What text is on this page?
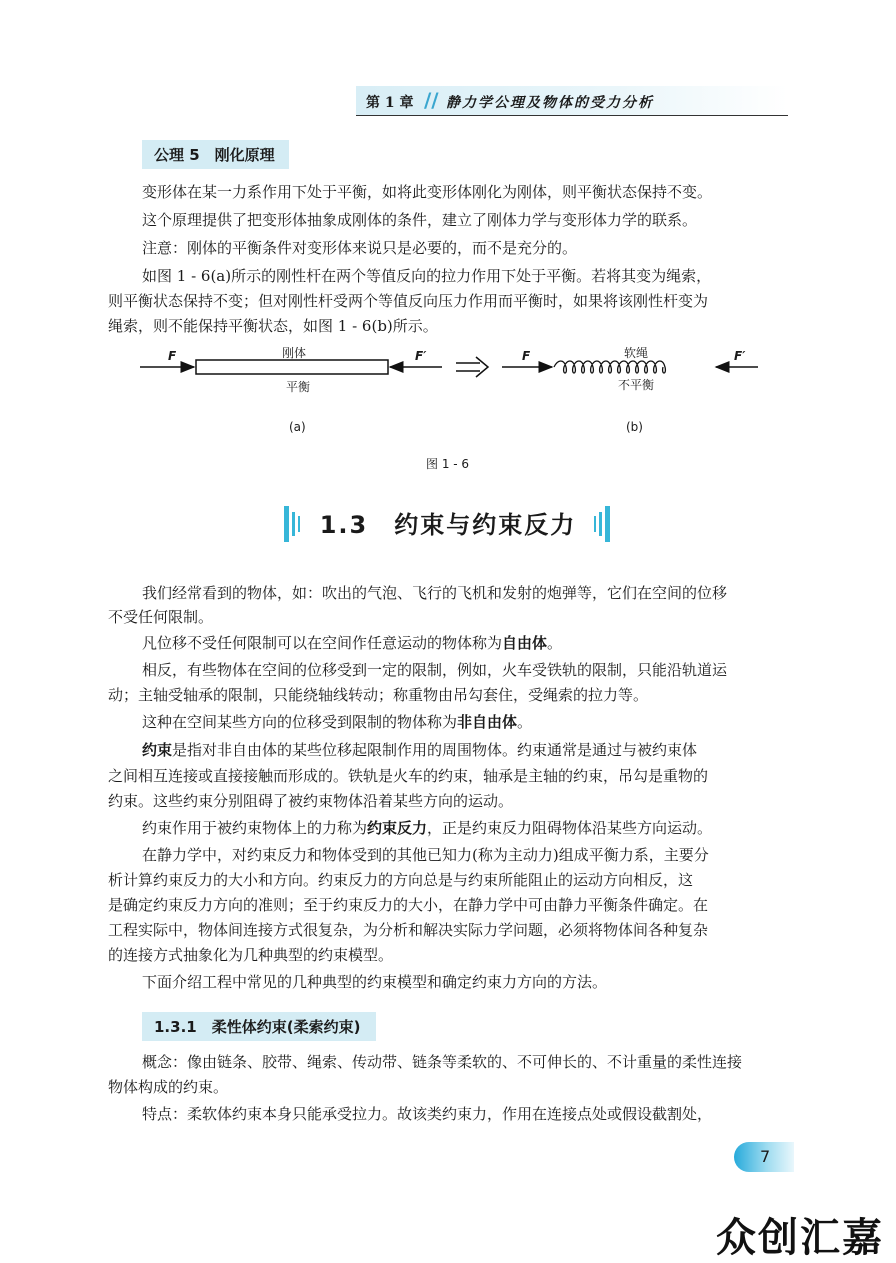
第 1 章 // 静力学公理及物体的受力分析
公理 5　刚化原理
变形体在某一力系作用下处于平衡，如将此变形体刚化为刚体，则平衡状态保持不变。
这个原理提供了把变形体抽象成刚体的条件，建立了刚体力学与变形体力学的联系。
注意：刚体的平衡条件对变形体来说只是必要的，而不是充分的。
如图 1 - 6(a)所示的刚性杆在两个等值反向的拉力作用下处于平衡。若将其变为绳索，
则平衡状态保持不变；但对刚性杆受两个等值反向压力作用而平衡时，如果将该刚性杆变为
绳索，则不能保持平衡状态，如图 1 - 6(b)所示。
F	刚体	F′
平衡
F	软绳	F′
不平衡
(a)	(b)
图 1 - 6
1.3　约束与约束反力
我们经常看到的物体，如：吹出的气泡、飞行的飞机和发射的炮弹等，它们在空间的位移
不受任何限制。
凡位移不受任何限制可以在空间作任意运动的物体称为自由体。
相反，有些物体在空间的位移受到一定的限制，例如，火车受铁轨的限制，只能沿轨道运
动；主轴受轴承的限制，只能绕轴线转动；称重物由吊勾套住，受绳索的拉力等。
这种在空间某些方向的位移受到限制的物体称为非自由体。
约束是指对非自由体的某些位移起限制作用的周围物体。约束通常是通过与被约束体
之间相互连接或直接接触而形成的。铁轨是火车的约束，轴承是主轴的约束，吊勾是重物的
约束。这些约束分别阻碍了被约束物体沿着某些方向的运动。
约束作用于被约束物体上的力称为约束反力，正是约束反力阻碍物体沿某些方向运动。
在静力学中，对约束反力和物体受到的其他已知力(称为主动力)组成平衡力系，主要分
析计算约束反力的大小和方向。约束反力的方向总是与约束所能阻止的运动方向相反，这
是确定约束反力方向的准则；至于约束反力的大小，在静力学中可由静力平衡条件确定。在
工程实际中，物体间连接方式很复杂，为分析和解决实际力学问题，必须将物体间各种复杂
的连接方式抽象化为几种典型的约束模型。
下面介绍工程中常见的几种典型的约束模型和确定约束力方向的方法。
1.3.1　柔性体约束(柔索约束)
概念：像由链条、胶带、绳索、传动带、链条等柔软的、不可伸长的、不计重量的柔性连接
物体构成的约束。
特点：柔软体约束本身只能承受拉力。故该类约束力，作用在连接点处或假设截割处，
7
众创汇嘉
